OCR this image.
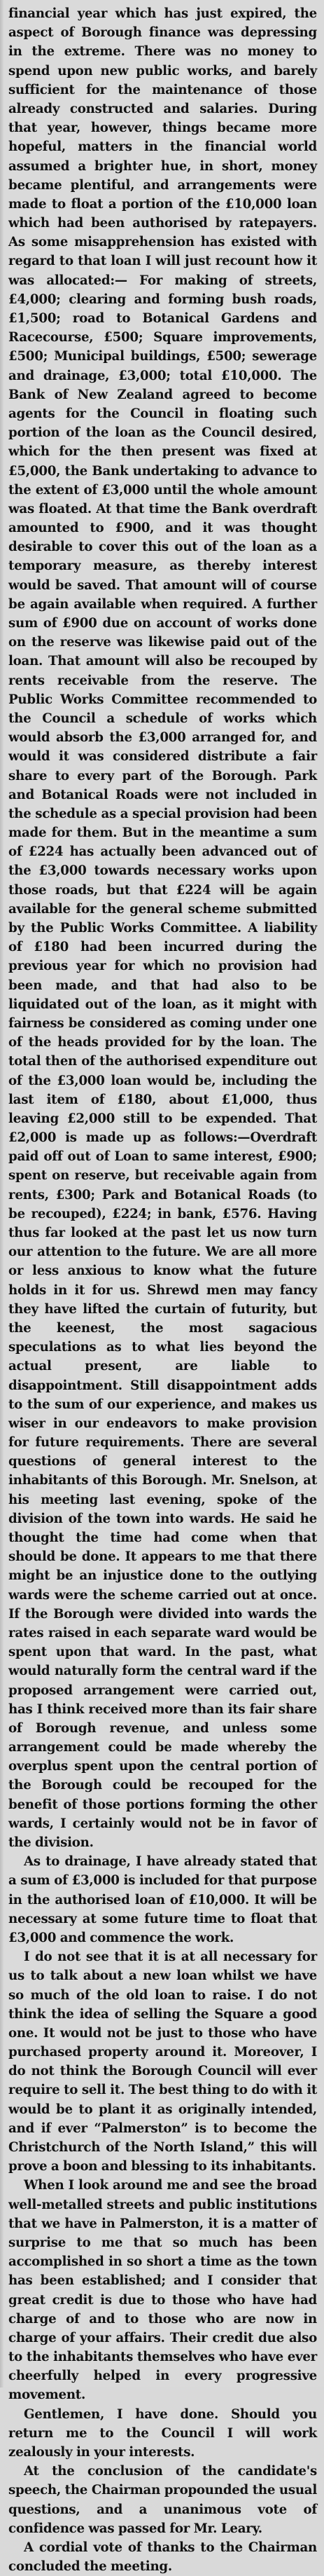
financial year which has just expired, the aspect of Borough finance was depressing in the extreme. There was no money to spend upon new public works, and barely sufficient for the maintenance of those already constructed and salaries. During that year, however, things became more hopeful, matters in the financial world assumed a brighter hue, in short, money became plentiful, and arrangements were made to float a portion of the £10,000 loan which had been authorised by ratepayers. As some misapprehension has existed with regard to that loan I will just recount how it was allocated:— For making of streets, £4,000; clearing and forming bush roads, £1,500; road to Botanical Gardens and Racecourse, £500; Square improvements, £500; Municipal buildings, £500; sewerage and drainage, £3,000; total £10,000. The Bank of New Zealand agreed to become agents for the Council in floating such portion of the loan as the Council desired, which for the then present was fixed at £5,000, the Bank undertaking to advance to the extent of £3,000 until the whole amount was floated. At that time the Bank overdraft amounted to £900, and it was thought desirable to cover this out of the loan as a temporary measure, as thereby interest would be saved. That amount will of course be again available when required. A further sum of £900 due on account of works done on the reserve was likewise paid out of the loan. That amount will also be recouped by rents receivable from the reserve. The Public Works Committee recommended to the Council a schedule of works which would absorb the £3,000 arranged for, and would it was considered distribute a fair share to every part of the Borough. Park and Botanical Roads were not included in the schedule as a special provision had been made for them. But in the meantime a sum of £224 has actually been advanced out of the £3,000 towards necessary works upon those roads, but that £224 will be again available for the general scheme submitted by the Public Works Committee. A liability of £180 had been incurred during the previous year for which no provision had been made, and that had also to be liquidated out of the loan, as it might with fairness be considered as coming under one of the heads provided for by the loan. The total then of the authorised expenditure out of the £3,000 loan would be, including the last item of £180, about £1,000, thus leaving £2,000 still to be expended. That £2,000 is made up as follows:—Overdraft paid off out of Loan to same interest, £900; spent on reserve, but receivable again from rents, £300; Park and Botanical Roads (to be recouped), £224; in bank, £576. Having thus far looked at the past let us now turn our attention to the future. We are all more or less anxious to know what the future holds in it for us. Shrewd men may fancy they have lifted the curtain of futurity, but the keenest, the most sagacious speculations as to what lies beyond the actual present, are liable to disappointment. Still disappointment adds to the sum of our experience, and makes us wiser in our endeavors to make provision for future requirements. There are several questions of general interest to the inhabitants of this Borough. Mr. Snelson, at his meeting last evening, spoke of the division of the town into wards. He said he thought the time had come when that should be done. It appears to me that there might be an injustice done to the outlying wards were the scheme carried out at once. If the Borough were divided into wards the rates raised in each separate ward would be spent upon that ward. In the past, what would naturally form the central ward if the proposed arrangement were carried out, has I think received more than its fair share of Borough revenue, and unless some arrangement could be made whereby the overplus spent upon the central portion of the Borough could be recouped for the benefit of those portions forming the other wards, I certainly would not be in favor of the division.

As to drainage, I have already stated that a sum of £3,000 is included for that purpose in the authorised loan of £10,000. It will be necessary at some future time to float that £3,000 and commence the work.

I do not see that it is at all necessary for us to talk about a new loan whilst we have so much of the old loan to raise. I do not think the idea of selling the Square a good one. It would not be just to those who have purchased property around it. Moreover, I do not think the Borough Council will ever require to sell it. The best thing to do with it would be to plant it as originally intended, and if ever “Palmerston” is to become the Christchurch of the North Island,” this will prove a boon and blessing to its inhabitants.

When I look around me and see the broad well-metalled streets and public institutions that we have in Palmerston, it is a matter of surprise to me that so much has been accomplished in so short a time as the town has been established; and I consider that great credit is due to those who have had charge of and to those who are now in charge of your affairs. Their credit due also to the inhabitants themselves who have ever cheerfully helped in every progressive movement.

Gentlemen, I have done. Should you return me to the Council I will work zealously in your interests.

At the conclusion of the candidate's speech, the Chairman propounded the usual questions, and a unanimous vote of confidence was passed for Mr. Leary.

A cordial vote of thanks to the Chairman concluded the meeting.
